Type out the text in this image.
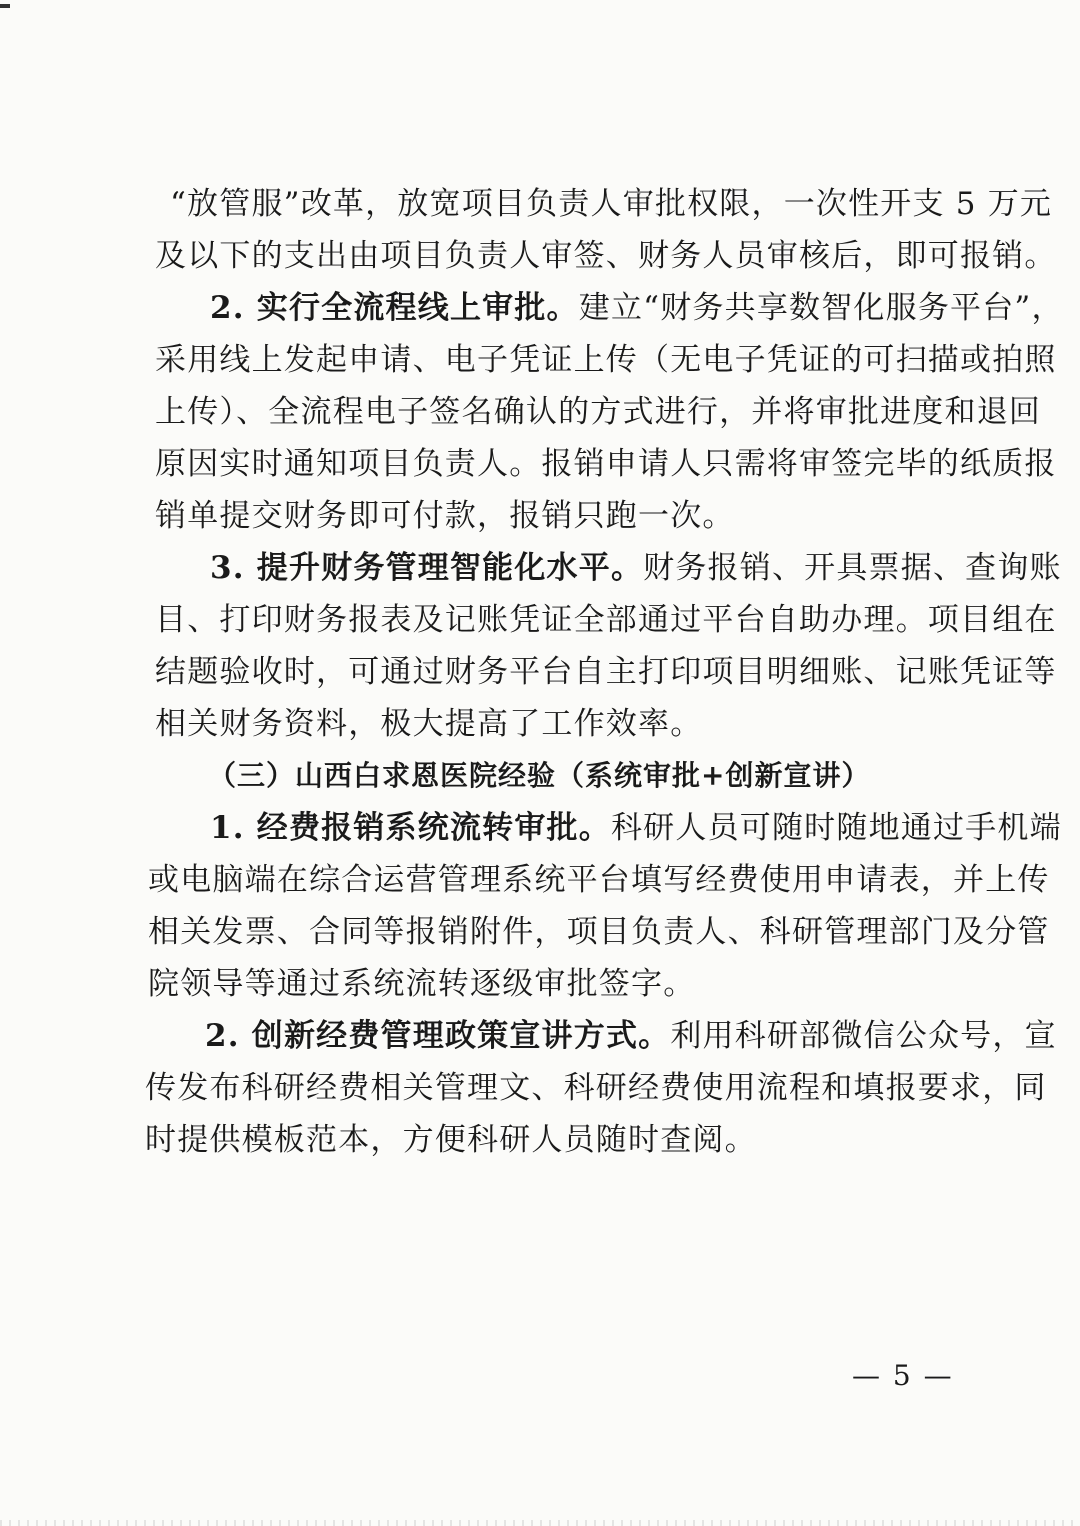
“放管服”改革，放宽项目负责人审批权限，一次性开支 5 万元
及以下的支出由项目负责人审签、财务人员审核后，即可报销。
2. 实行全流程线上审批。建立“财务共享数智化服务平台”，
采用线上发起申请、电子凭证上传（无电子凭证的可扫描或拍照
上传）、全流程电子签名确认的方式进行，并将审批进度和退回
原因实时通知项目负责人。报销申请人只需将审签完毕的纸质报
销单提交财务即可付款，报销只跑一次。
3. 提升财务管理智能化水平。财务报销、开具票据、查询账
目、打印财务报表及记账凭证全部通过平台自助办理。项目组在
结题验收时，可通过财务平台自主打印项目明细账、记账凭证等
相关财务资料，极大提高了工作效率。
（三）山西白求恩医院经验（系统审批+创新宣讲）
1. 经费报销系统流转审批。科研人员可随时随地通过手机端
或电脑端在综合运营管理系统平台填写经费使用申请表，并上传
相关发票、合同等报销附件，项目负责人、科研管理部门及分管
院领导等通过系统流转逐级审批签字。
2. 创新经费管理政策宣讲方式。利用科研部微信公众号，宣
传发布科研经费相关管理文、科研经费使用流程和填报要求，同
时提供模板范本，方便科研人员随时查阅。
— 5 —
